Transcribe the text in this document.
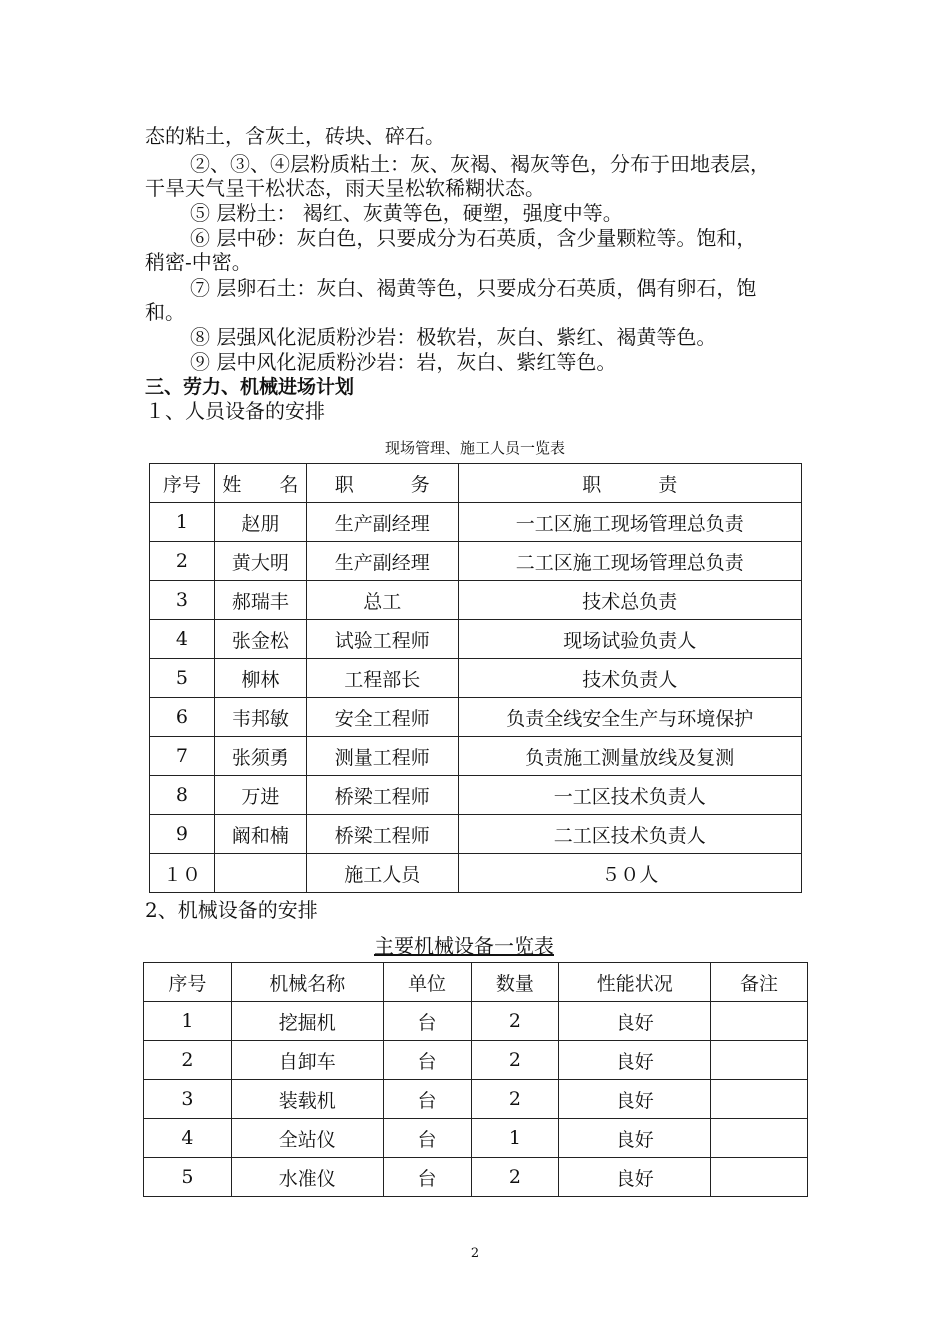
态的粘土，含灰土，砖块、碎石。
②、③、④层粉质粘土：灰、灰褐、褐灰等色，分布于田地表层，
干旱天气呈干松状态，雨天呈松软稀糊状态。
⑤ 层粉土： 褐红、灰黄等色，硬塑，强度中等。
⑥ 层中砂：灰白色，只要成分为石英质，含少量颗粒等。饱和，
稍密-中密。
⑦ 层卵石土：灰白、褐黄等色，只要成分石英质，偶有卵石，饱
和。
⑧ 层强风化泥质粉沙岩：极软岩，灰白、紫红、褐黄等色。
⑨ 层中风化泥质粉沙岩：岩，灰白、紫红等色。
三、劳力、机械进场计划
１、人员设备的安排
现场管理、施工人员一览表
序号	姓　　名	职　　　务	职　　　责
1	赵朋	生产副经理	一工区施工现场管理总负责
2	黄大明	生产副经理	二工区施工现场管理总负责
3	郝瑞丰	总工	技术总负责
4	张金松	试验工程师	现场试验负责人
5	柳林	工程部长	技术负责人
6	韦邦敏	安全工程师	负责全线安全生产与环境保护
7	张须勇	测量工程师	负责施工测量放线及复测
8	万进	桥梁工程师	一工区技术负责人
9	阚和楠	桥梁工程师	二工区技术负责人
１０		施工人员	５０人
2、机械设备的安排
主要机械设备一览表
序号	机械名称	单位	数量	性能状况	备注
1	挖掘机	台	2	良好	
2	自卸车	台	2	良好	
3	装载机	台	2	良好	
4	全站仪	台	1	良好	
5	水准仪	台	2	良好	
2
